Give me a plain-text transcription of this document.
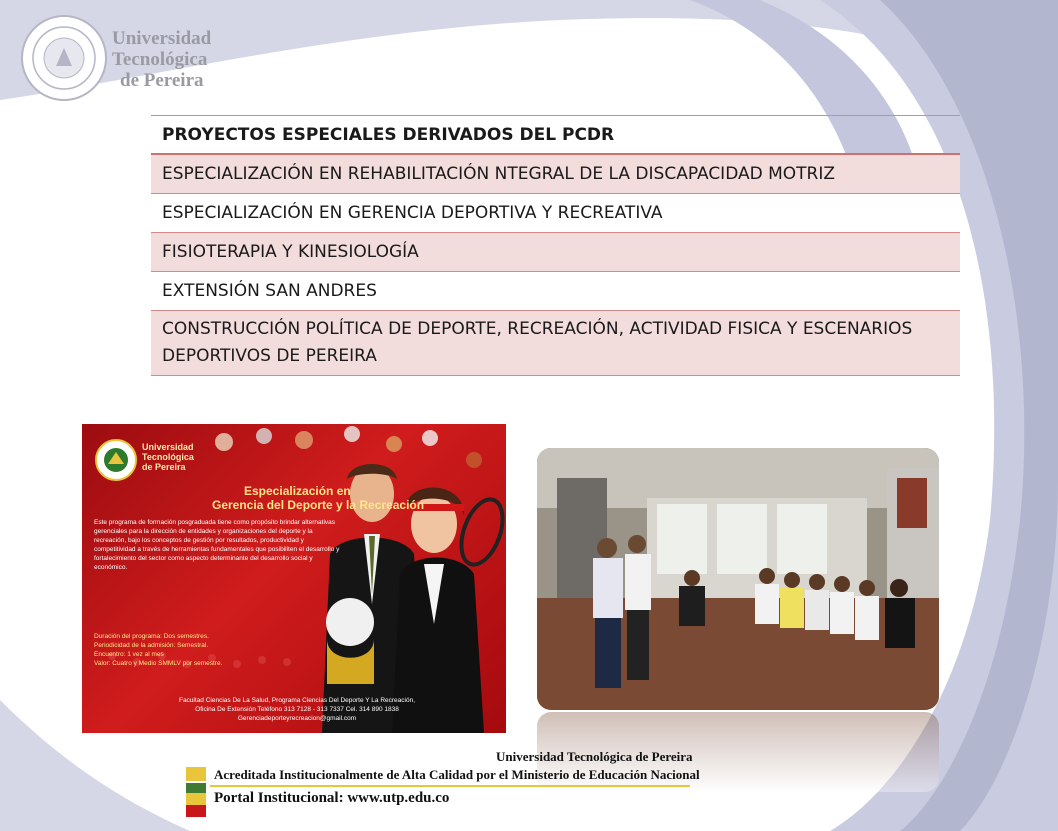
Universidad
Tecnológica
de Pereira
PROYECTOS ESPECIALES DERIVADOS DEL PCDR
ESPECIALIZACIÓN EN REHABILITACIÓN NTEGRAL DE LA DISCAPACIDAD MOTRIZ
ESPECIALIZACIÓN EN GERENCIA DEPORTIVA Y RECREATIVA
FISIOTERAPIA Y KINESIOLOGÍA
EXTENSIÓN SAN ANDRES
CONSTRUCCIÓN POLÍTICA DE DEPORTE, RECREACIÓN, ACTIVIDAD FISICA Y ESCENARIOS DEPORTIVOS DE PEREIRA
Universidad
Tecnológica
de Pereira
Especialización en
Gerencia del Deporte y la Recreación
Este programa de formación posgraduada tiene como propósito brindar alternativas gerenciales para la dirección de entidades y organizaciones del deporte y la recreación, bajo los conceptos de gestión por resultados, productividad y competitividad a través de herramientas fundamentales que posibiliten el desarrollo y fortalecimiento del sector como aspecto determinante del desarrollo social y económico.
Duración del programa: Dos semestres.
Periodicidad de la admisión: Semestral.
Encuentro: 1 vez al mes
Valor: Cuatro y Medio SMMLV por semestre.
Facultad Ciencias De La Salud, Programa Ciencias Del Deporte Y La Recreación,
Oficina De Extensión Teléfono 313 7128 - 313 7337 Cel. 314 890 1838
Gerenciadeporteyrecreacion@gmail.com
Universidad Tecnológica de Pereira
Acreditada Institucionalmente de Alta Calidad por el Ministerio de Educación Nacional
Portal Institucional: www.utp.edu.co
